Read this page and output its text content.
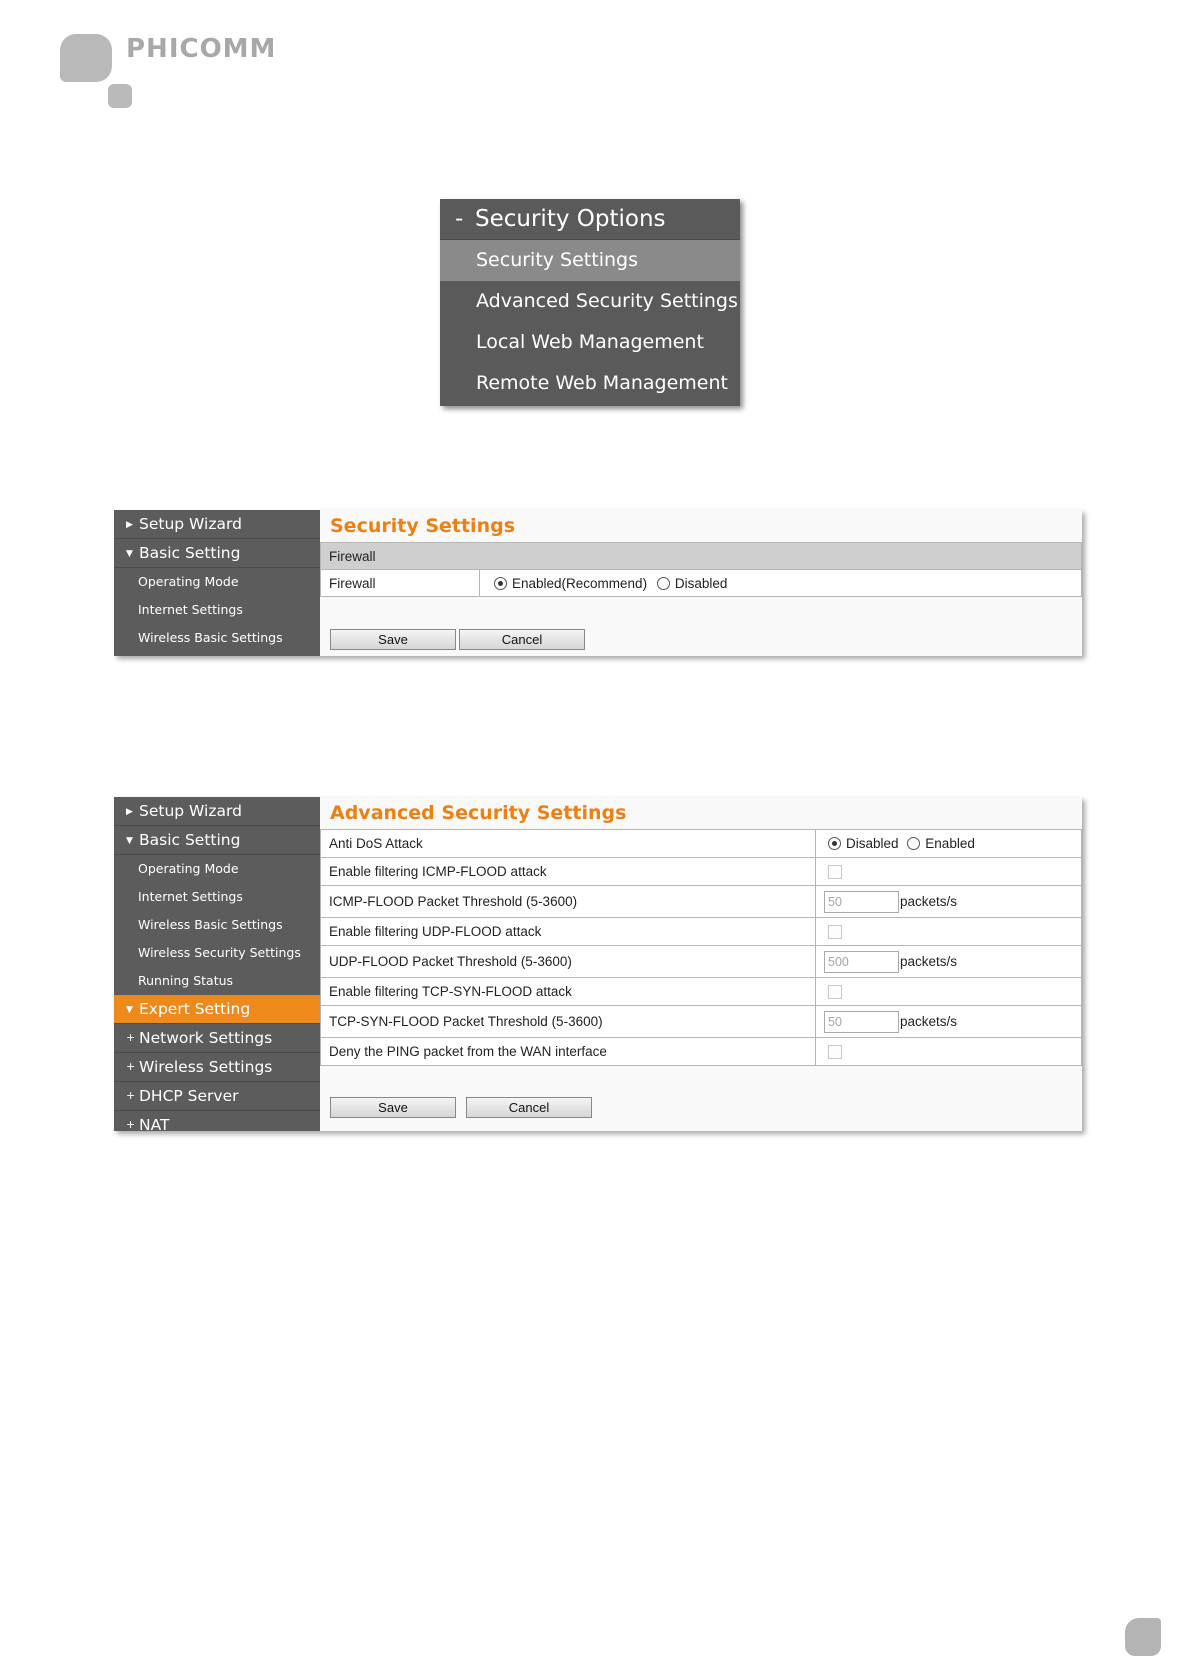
PHICOMM
- Security Options
Security Settings
Advanced Security Settings
Local Web Management
Remote Web Management
▶ Setup Wizard
▼ Basic Setting
Operating Mode
Internet Settings
Wireless Basic Settings
Security Settings
Firewall
Firewall	Enabled(Recommend) Disabled
Save	Cancel
▶ Setup Wizard
▼ Basic Setting
Operating Mode
Internet Settings
Wireless Basic Settings
Wireless Security Settings
Running Status
▼ Expert Setting
+ Network Settings
+ Wireless Settings
+ DHCP Server
+ NAT
Advanced Security Settings
Anti DoS Attack	Disabled Enabled
Enable filtering ICMP-FLOOD attack	
ICMP-FLOOD Packet Threshold (5-3600)	50 packets/s
Enable filtering UDP-FLOOD attack	
UDP-FLOOD Packet Threshold (5-3600)	500 packets/s
Enable filtering TCP-SYN-FLOOD attack	
TCP-SYN-FLOOD Packet Threshold (5-3600)	50 packets/s
Deny the PING packet from the WAN interface	
Save	Cancel
